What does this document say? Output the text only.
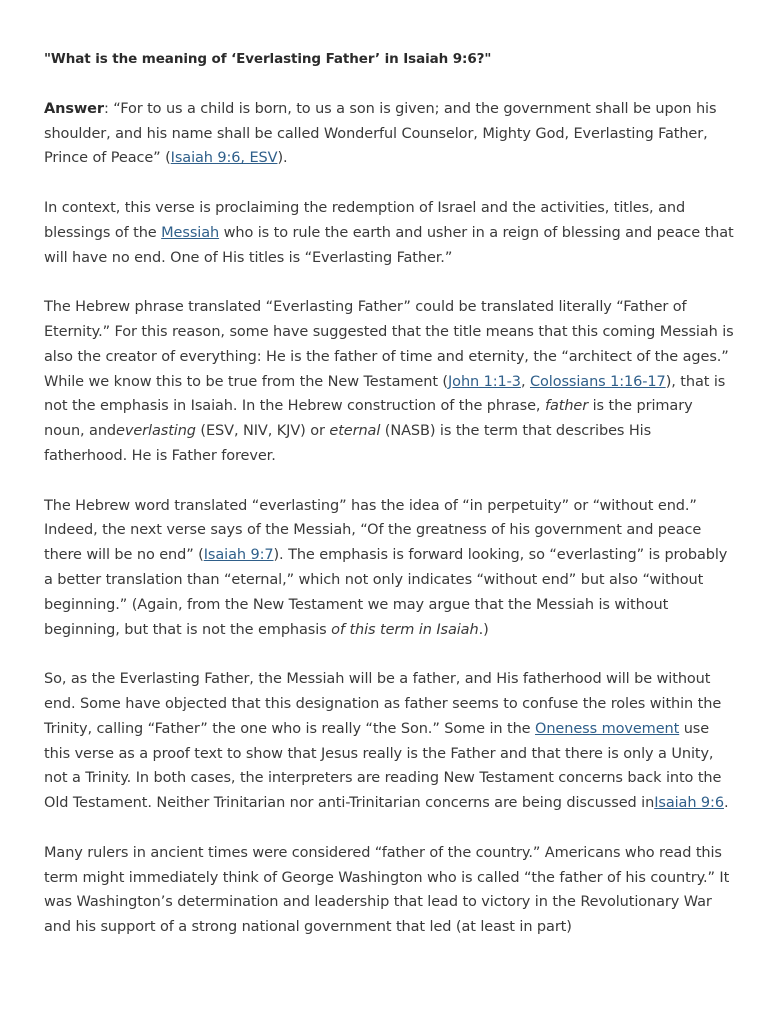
"What is the meaning of ‘Everlasting Father’ in Isaiah 9:6?"

Answer: “For to us a child is born, to us a son is given; and the government shall be upon his shoulder, and his name shall be called Wonderful Counselor, Mighty God, Everlasting Father, Prince of Peace” (Isaiah 9:6, ESV).

In context, this verse is proclaiming the redemption of Israel and the activities, titles, and blessings of the Messiah who is to rule the earth and usher in a reign of blessing and peace that will have no end. One of His titles is “Everlasting Father.”

The Hebrew phrase translated “Everlasting Father” could be translated literally “Father of Eternity.” For this reason, some have suggested that the title means that this coming Messiah is also the creator of everything: He is the father of time and eternity, the “architect of the ages.” While we know this to be true from the New Testament (John 1:1-3, Colossians 1:16-17), that is not the emphasis in Isaiah. In the Hebrew construction of the phrase, father is the primary noun, andeverlasting (ESV, NIV, KJV) or eternal (NASB) is the term that describes His fatherhood. He is Father forever.

The Hebrew word translated “everlasting” has the idea of “in perpetuity” or “without end.” Indeed, the next verse says of the Messiah, “Of the greatness of his government and peace there will be no end” (Isaiah 9:7). The emphasis is forward looking, so “everlasting” is probably a better translation than “eternal,” which not only indicates “without end” but also “without beginning.” (Again, from the New Testament we may argue that the Messiah is without beginning, but that is not the emphasis of this term in Isaiah.)

So, as the Everlasting Father, the Messiah will be a father, and His fatherhood will be without end. Some have objected that this designation as father seems to confuse the roles within the Trinity, calling “Father” the one who is really “the Son.” Some in the Oneness movement use this verse as a proof text to show that Jesus really is the Father and that there is only a Unity, not a Trinity. In both cases, the interpreters are reading New Testament concerns back into the Old Testament. Neither Trinitarian nor anti-Trinitarian concerns are being discussed inIsaiah 9:6.

Many rulers in ancient times were considered “father of the country.” Americans who read this term might immediately think of George Washington who is called “the father of his country.” It was Washington’s determination and leadership that lead to victory in the Revolutionary War and his support of a strong national government that led (at least in part)
